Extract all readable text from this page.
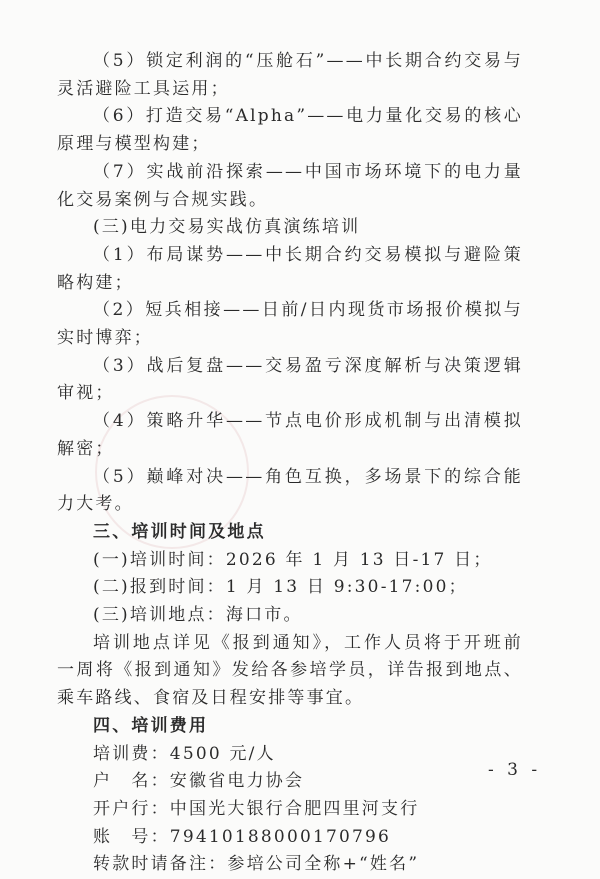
（5）锁定利润的“压舱石”——中长期合约交易与灵活避险工具运用；

（6）打造交易“Alpha”——电力量化交易的核心原理与模型构建；

（7）实战前沿探索——中国市场环境下的电力量化交易案例与合规实践。

(三)电力交易实战仿真演练培训

（1）布局谋势——中长期合约交易模拟与避险策略构建；

（2）短兵相接——日前/日内现货市场报价模拟与实时博弈；

（3）战后复盘——交易盈亏深度解析与决策逻辑审视；

（4）策略升华——节点电价形成机制与出清模拟解密；

（5）巅峰对决——角色互换，多场景下的综合能力大考。

三、培训时间及地点

(一)培训时间：2026 年 1 月 13 日-17 日；

(二)报到时间：1 月 13 日 9:30-17:00；

(三)培训地点：海口市。

培训地点详见《报到通知》，工作人员将于开班前一周将《报到通知》发给各参培学员，详告报到地点、乘车路线、食宿及日程安排等事宜。

四、培训费用

培训费：4500 元/人

户　名：安徽省电力协会

开户行：中国光大银行合肥四里河支行

账　号：79410188000170796

转款时请备注：参培公司全称+“姓名”

- 3 -
